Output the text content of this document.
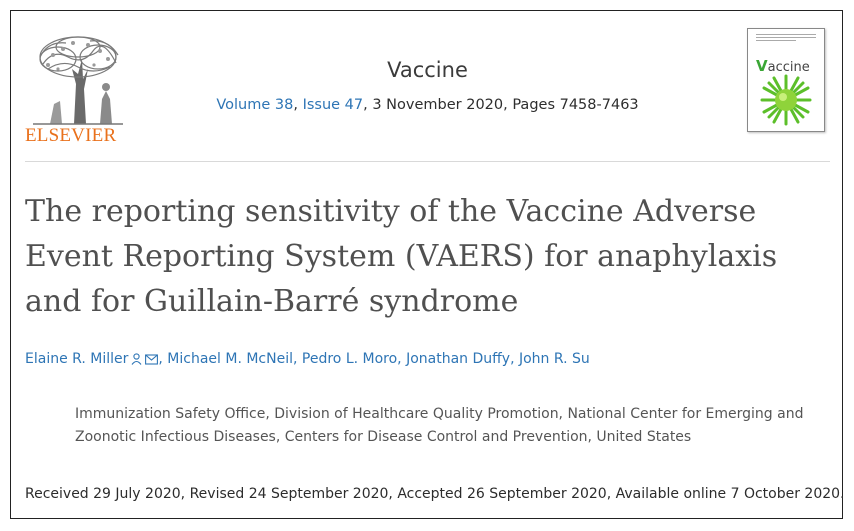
ELSEVIER
Vaccine
Volume 38, Issue 47, 3 November 2020, Pages 7458-7463
Vaccine
The reporting sensitivity of the Vaccine Adverse Event Reporting System (VAERS) for anaphylaxis and for Guillain-Barré syndrome
Elaine R. Miller , Michael M. McNeil, Pedro L. Moro, Jonathan Duffy, John R. Su
Immunization Safety Office, Division of Healthcare Quality Promotion, National Center for Emerging and Zoonotic Infectious Diseases, Centers for Disease Control and Prevention, United States
Received 29 July 2020, Revised 24 September 2020, Accepted 26 September 2020, Available online 7 October 2020.
